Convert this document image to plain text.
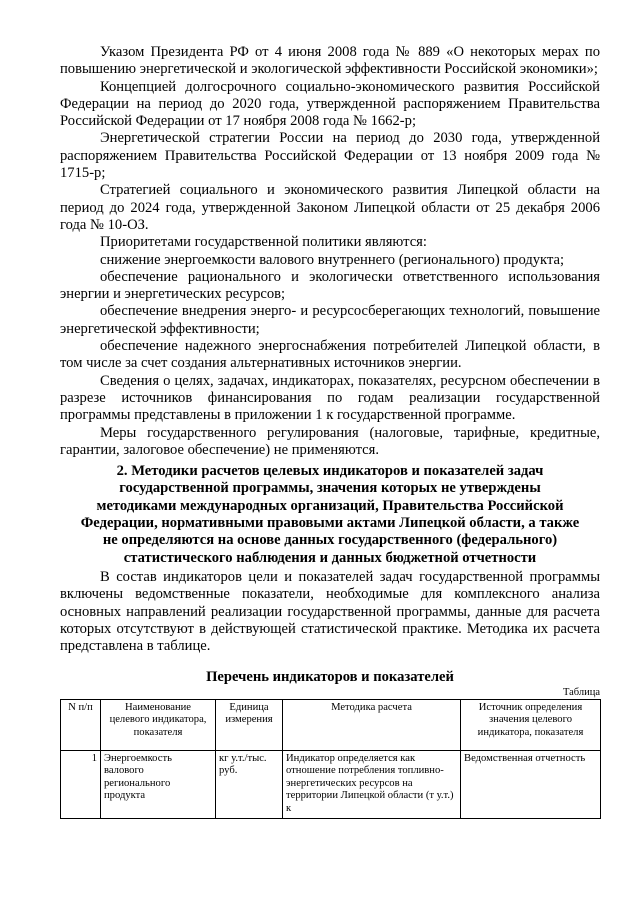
Указом Президента РФ от 4 июня 2008 года № 889 «О некоторых мерах по повышению энергетической и экологической эффективности Российской экономики»;

Концепцией долгосрочного социально-экономического развития Российской Федерации на период до 2020 года, утвержденной распоряжением Правительства Российской Федерации от 17 ноября 2008 года № 1662-р;

Энергетической стратегии России на период до 2030 года, утвержденной распоряжением Правительства Российской Федерации от 13 ноября 2009 года № 1715-р;

Стратегией социального и экономического развития Липецкой области на период до 2024 года, утвержденной Законом Липецкой области от 25 декабря 2006 года № 10-ОЗ.

Приоритетами государственной политики являются:

снижение энергоемкости валового внутреннего (регионального) продукта;

обеспечение рационального и экологически ответственного использования энергии и энергетических ресурсов;

обеспечение внедрения энерго- и ресурсосберегающих технологий, повышение энергетической эффективности;

обеспечение надежного энергоснабжения потребителей Липецкой области, в том числе за счет создания альтернативных источников энергии.

Сведения о целях, задачах, индикаторах, показателях, ресурсном обеспечении в разрезе источников финансирования по годам реализации государственной программы представлены в приложении 1 к государственной программе.

Меры государственного регулирования (налоговые, тарифные, кредитные, гарантии, залоговое обеспечение) не применяются.

2. Методики расчетов целевых индикаторов и показателей задач государственной программы, значения которых не утверждены методиками международных организаций, Правительства Российской Федерации, нормативными правовыми актами Липецкой области, а также не определяются на основе данных государственного (федерального) статистического наблюдения и данных бюджетной отчетности

В состав индикаторов цели и показателей задач государственной программы включены ведомственные показатели, необходимые для комплексного анализа основных направлений реализации государственной программы, данные для расчета которых отсутствуют в действующей статистической практике. Методика их расчета представлена в таблице.

Перечень индикаторов и показателей
Таблица
N п/п	Наименование целевого индикатора, показателя	Единица измерения	Методика расчета	Источник определения значения целевого индикатора, показателя
1	Энергоемкость валового регионального продукта	кг у.т./тыс. руб.	Индикатор определяется как отношение потребления топливно-энергетических ресурсов на территории Липецкой области (т у.т.) к	Ведомственная отчетность
